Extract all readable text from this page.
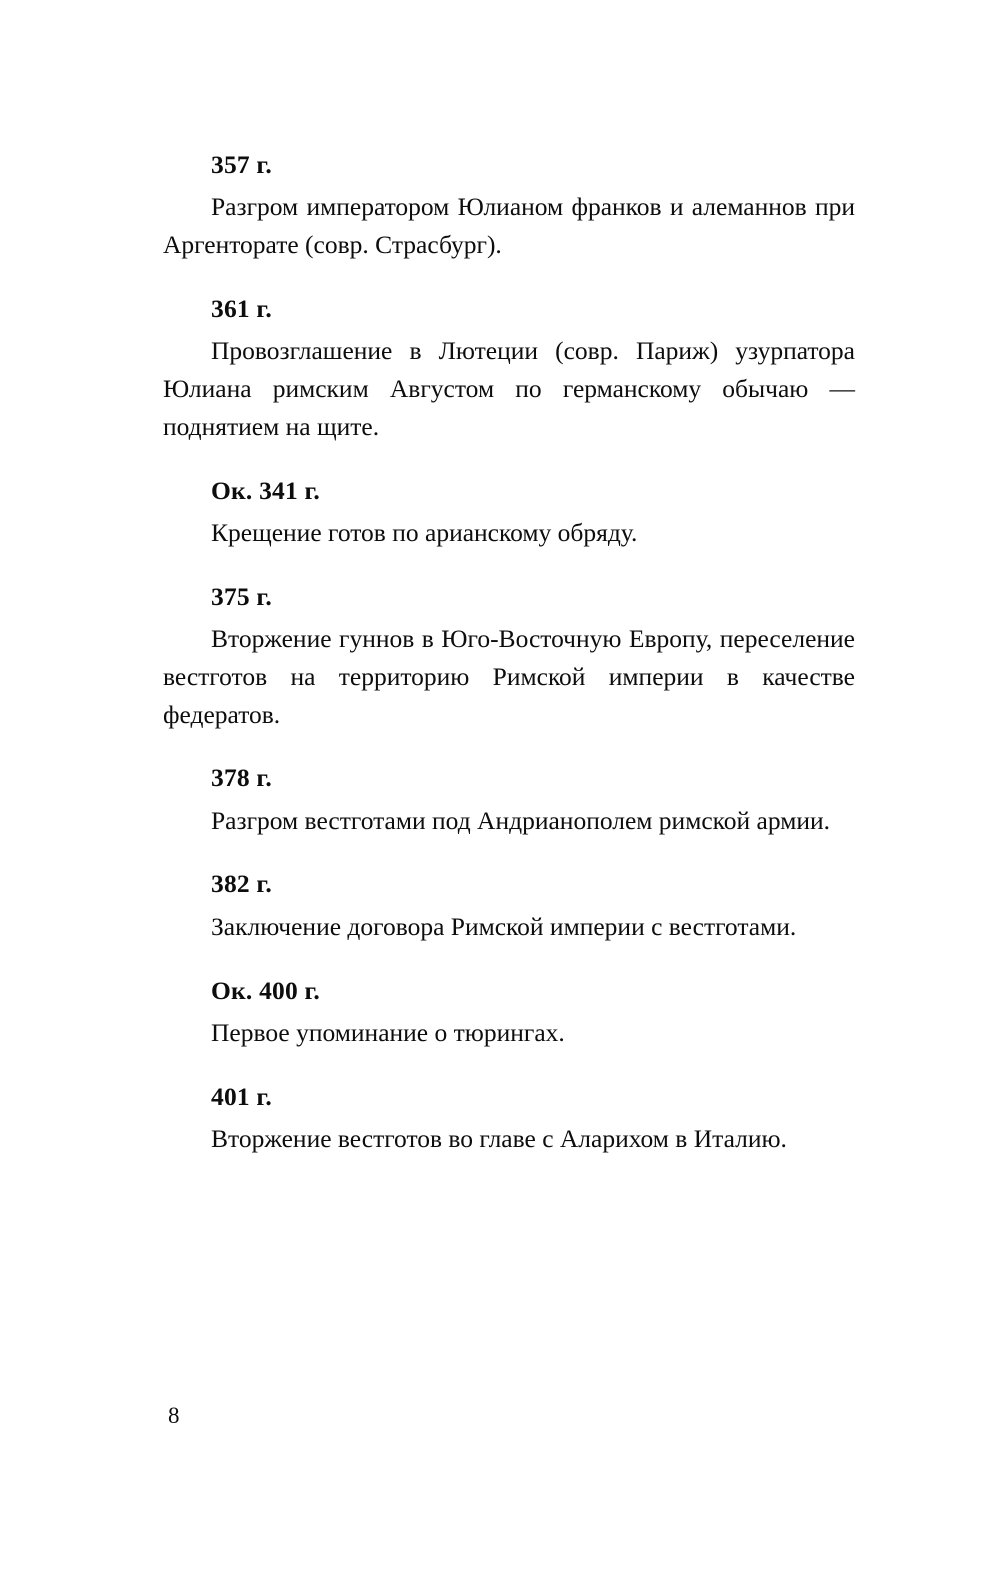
357 г.

Разгром императором Юлианом франков и алеманнов при Аргенторате (совр. Страсбург).

361 г.

Провозглашение в Лютеции (совр. Париж) узурпатора Юлиана римским Августом по германскому обычаю — поднятием на щите.

Ок. 341 г.

Крещение готов по арианскому обряду.

375 г.

Вторжение гуннов в Юго-Восточную Европу, переселение вестготов на территорию Римской империи в качестве федератов.

378 г.

Разгром вестготами под Андрианополем римской армии.

382 г.

Заключение договора Римской империи с вестготами.

Ок. 400 г.

Первое упоминание о тюрингах.

401 г.

Вторжение вестготов во главе с Аларихом в Италию.

8
